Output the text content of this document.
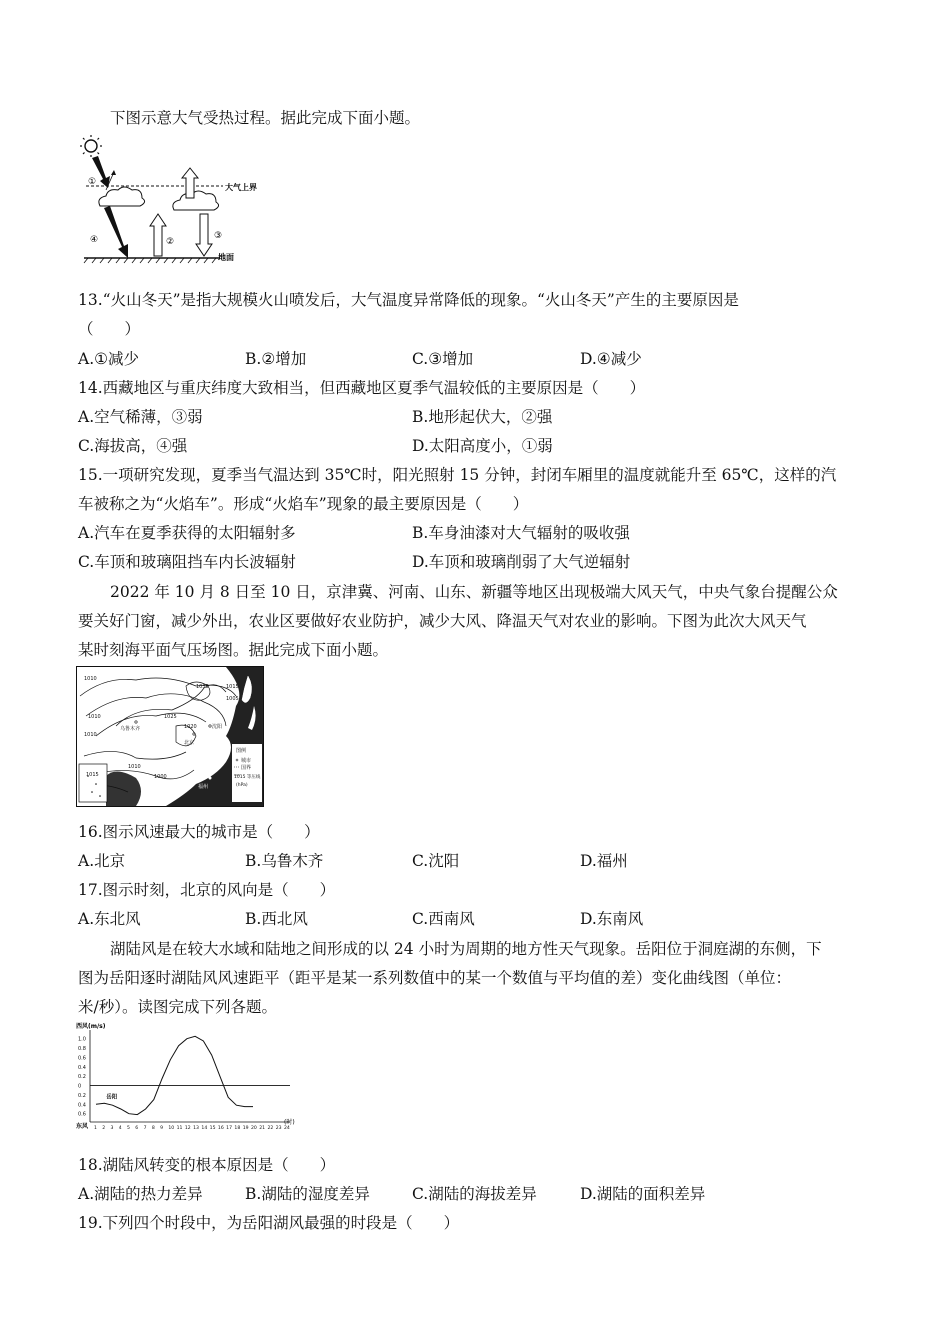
下图示意大气受热过程。据此完成下面小题。
大气上界
①
④	②
③
地面
13.“火山冬天”是指大规模火山喷发后，大气温度异常降低的现象。“火山冬天”产生的主要原因是
（　　）
A.①减少	B.②增加	C.③增加	D.④减少
14.西藏地区与重庆纬度大致相当，但西藏地区夏季气温较低的主要原因是（　　）
A.空气稀薄，③弱	B.地形起伏大，②强
C.海拔高，④强	D.太阳高度小，①弱
15.一项研究发现，夏季当气温达到 35℃时，阳光照射 15 分钟，封闭车厢里的温度就能升至 65℃，这样的汽
车被称之为“火焰车”。形成“火焰车”现象的最主要原因是（　　）
A.汽车在夏季获得的太阳辐射多	B.车身油漆对大气辐射的吸收强
C.车顶和玻璃阻挡车内长波辐射	D.车顶和玻璃削弱了大气逆辐射
2022 年 10 月 8 日至 10 日，京津冀、河南、山东、新疆等地区出现极端大风天气，中央气象台提醒公众
要关好门窗，减少外出，农业区要做好农业防护，减少大风、降温天气对农业的影响。下图为此次大风天气
某时刻海平面气压场图。据此完成下面小题。
1010
1010
1035	1015
1025
1020
1010
1005
1010
1000
1015
乌鲁木齐
北京
沈阳
福州
图例
城市
国界
1015 等压线
(hPa)
16.图示风速最大的城市是（　　）
A.北京	B.乌鲁木齐	C.沈阳	D.福州
17.图示时刻，北京的风向是（　　）
A.东北风	B.西北风	C.西南风	D.东南风
湖陆风是在较大水域和陆地之间形成的以 24 小时为周期的地方性天气现象。岳阳位于洞庭湖的东侧，下
图为岳阳逐时湖陆风风速距平（距平是某一系列数值中的某一个数值与平均值的差）变化曲线图（单位：
米/秒）。读图完成下列各题。
西风(m/s)
东风
(时)
1.0
0.8
0.6
0.4
0.2
0
0.2
0.4
0.6
1 2 3 4 5 6 7 8 9 10 11 12 13 14 15 16 17 18 19 20 21 22 23 24
岳阳
18.湖陆风转变的根本原因是（　　）
A.湖陆的热力差异	B.湖陆的湿度差异	C.湖陆的海拔差异	D.湖陆的面积差异
19.下列四个时段中，为岳阳湖风最强的时段是（　　）
